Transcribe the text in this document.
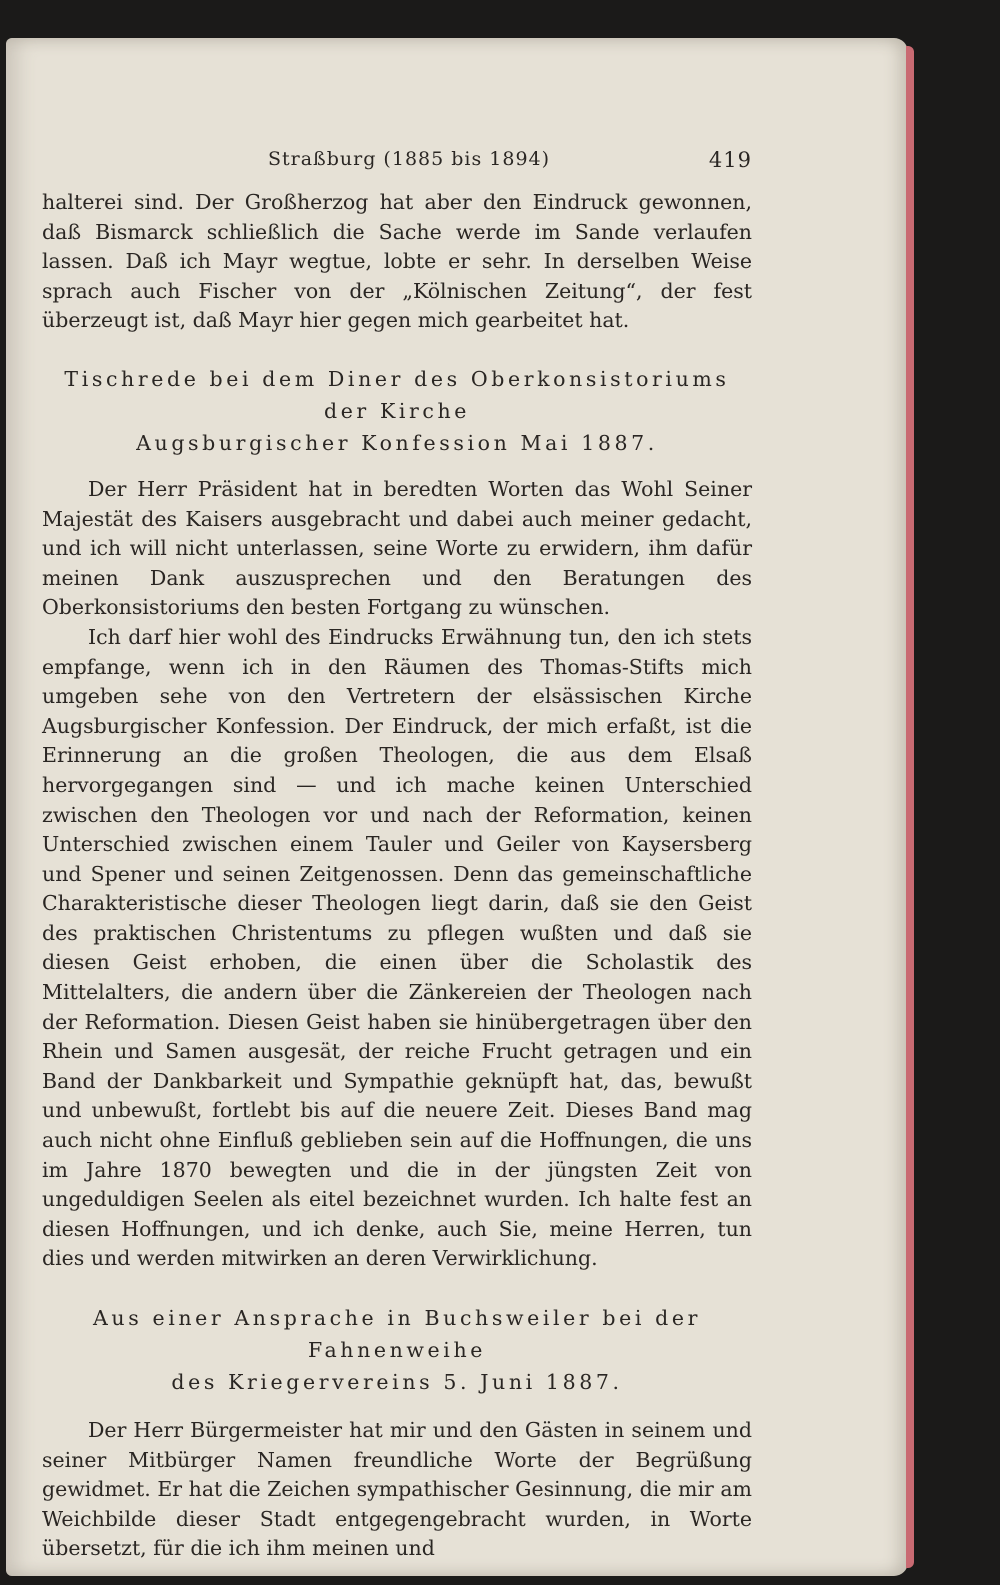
Straßburg (1885 bis 1894)	419

halterei sind. Der Großherzog hat aber den Eindruck gewonnen, daß Bismarck schließlich die Sache werde im Sande verlaufen lassen. Daß ich Mayr wegtue, lobte er sehr. In derselben Weise sprach auch Fischer von der „Kölnischen Zeitung“, der fest überzeugt ist, daß Mayr hier gegen mich gearbeitet hat.

Tischrede bei dem Diner des Oberkonsistoriums der Kirche

Augsburgischer Konfession Mai 1887.

Der Herr Präsident hat in beredten Worten das Wohl Seiner Majestät des Kaisers ausgebracht und dabei auch meiner gedacht, und ich will nicht unterlassen, seine Worte zu erwidern, ihm dafür meinen Dank auszusprechen und den Beratungen des Oberkonsistoriums den besten Fortgang zu wünschen.

Ich darf hier wohl des Eindrucks Erwähnung tun, den ich stets empfange, wenn ich in den Räumen des Thomas-Stifts mich umgeben sehe von den Vertretern der elsässischen Kirche Augsburgischer Konfession. Der Eindruck, der mich erfaßt, ist die Erinnerung an die großen Theologen, die aus dem Elsaß hervorgegangen sind — und ich mache keinen Unterschied zwischen den Theologen vor und nach der Reformation, keinen Unterschied zwischen einem Tauler und Geiler von Kaysersberg und Spener und seinen Zeitgenossen. Denn das gemeinschaftliche Charakteristische dieser Theologen liegt darin, daß sie den Geist des praktischen Christentums zu pflegen wußten und daß sie diesen Geist erhoben, die einen über die Scholastik des Mittelalters, die andern über die Zänkereien der Theologen nach der Reformation. Diesen Geist haben sie hinübergetragen über den Rhein und Samen ausgesät, der reiche Frucht getragen und ein Band der Dankbarkeit und Sympathie geknüpft hat, das, bewußt und unbewußt, fortlebt bis auf die neuere Zeit. Dieses Band mag auch nicht ohne Einfluß geblieben sein auf die Hoffnungen, die uns im Jahre 1870 bewegten und die in der jüngsten Zeit von ungeduldigen Seelen als eitel bezeichnet wurden. Ich halte fest an diesen Hoffnungen, und ich denke, auch Sie, meine Herren, tun dies und werden mitwirken an deren Verwirklichung.

Aus einer Ansprache in Buchsweiler bei der Fahnenweihe

des Kriegervereins 5. Juni 1887.

Der Herr Bürgermeister hat mir und den Gästen in seinem und seiner Mitbürger Namen freundliche Worte der Begrüßung gewidmet. Er hat die Zeichen sympathischer Gesinnung, die mir am Weichbilde dieser Stadt entgegengebracht wurden, in Worte übersetzt, für die ich ihm meinen und
